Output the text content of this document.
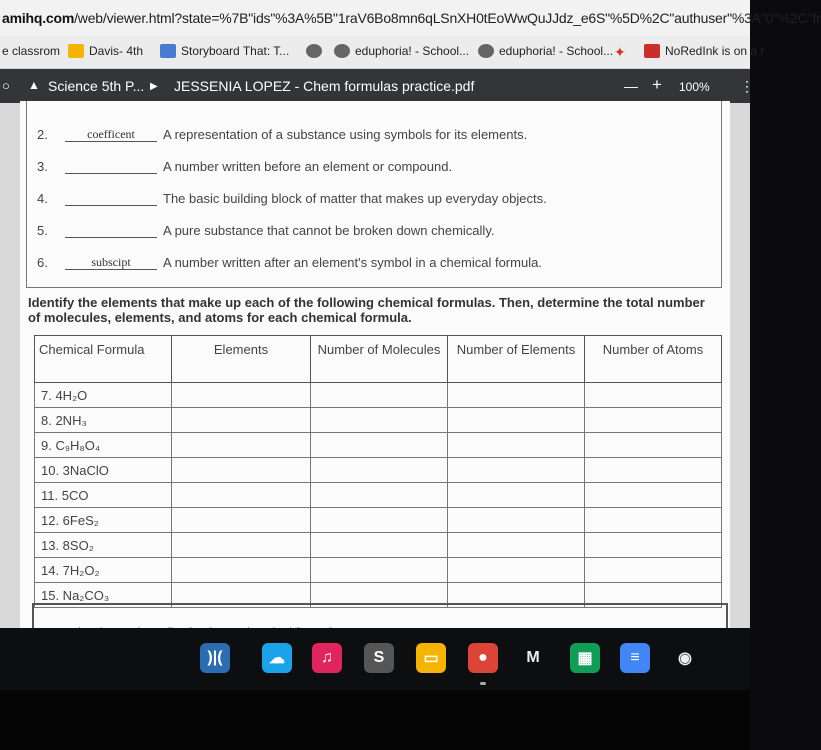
amihq.com/web/viewer.html?state=%7B"ids"%3A%5B"1raV6Bo8mn6qLSnXH0tEoWwQuJJdz_e6S"%5D%2C"authuser"%3A"0"%2C"fr
e classrom Davis- 4th	Storyboard That: T...	eduphoria! - School... eduphoria! - School... ✦	NoRedInk is on a r
○ ▲ Science 5th P... ▶ JESSENIA LOPEZ - Chem formulas practice.pdf	— + 100% ⋮
2.	coefficent	A representation of a substance using symbols for its elements.
3.	A number written before an element or compound.
4.	The basic building block of matter that makes up everyday objects.
5.	A pure substance that cannot be broken down chemically.
6.	subscipt	A number written after an element's symbol in a chemical formula.
Identify the elements that make up each of the following chemical formulas. Then, determine the total number of molecules, elements, and atoms for each chemical formula.
Chemical Formula	Elements	Number of Molecules	Number of Elements	Number of Atoms
7. 4H₂O				
8. 2NH₃				
9. C₉H₈O₄				
10. 3NaClO				
11. 5CO				
12. 6FeS₂				
13. 8SO₂				
14. 7H₂O₂				
15. Na₂CO₃				
)|(	☁	♫	S	▭	●	M	▦	≡	◉
